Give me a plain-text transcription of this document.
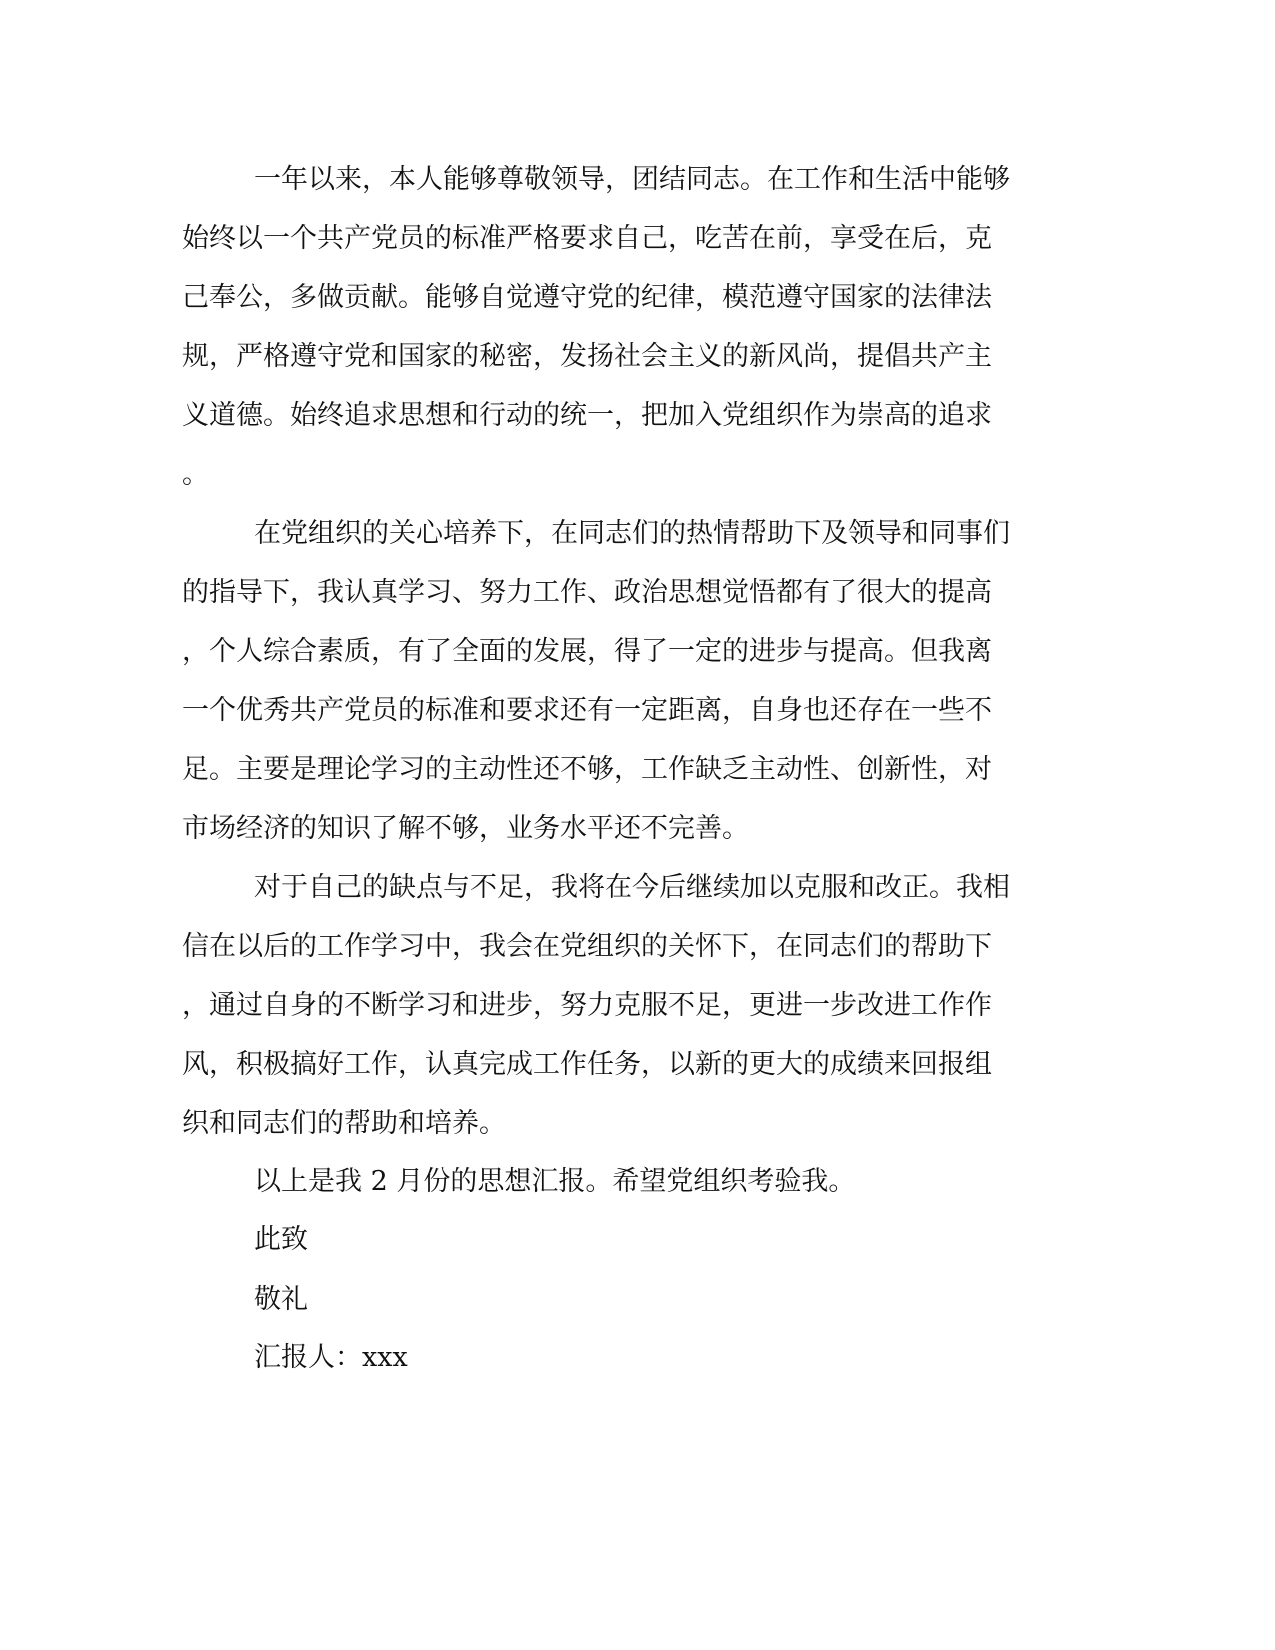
一年以来，本人能够尊敬领导，团结同志。在工作和生活中能够
始终以一个共产党员的标准严格要求自己，吃苦在前，享受在后，克
己奉公，多做贡献。能够自觉遵守党的纪律，模范遵守国家的法律法
规，严格遵守党和国家的秘密，发扬社会主义的新风尚，提倡共产主
义道德。始终追求思想和行动的统一，把加入党组织作为崇高的追求
。
在党组织的关心培养下，在同志们的热情帮助下及领导和同事们
的指导下，我认真学习、努力工作、政治思想觉悟都有了很大的提高
，个人综合素质，有了全面的发展，得了一定的进步与提高。但我离
一个优秀共产党员的标准和要求还有一定距离，自身也还存在一些不
足。主要是理论学习的主动性还不够，工作缺乏主动性、创新性，对
市场经济的知识了解不够，业务水平还不完善。
对于自己的缺点与不足，我将在今后继续加以克服和改正。我相
信在以后的工作学习中，我会在党组织的关怀下，在同志们的帮助下
，通过自身的不断学习和进步，努力克服不足，更进一步改进工作作
风，积极搞好工作，认真完成工作任务，以新的更大的成绩来回报组
织和同志们的帮助和培养。
以上是我 2 月份的思想汇报。希望党组织考验我。
此致
敬礼
汇报人：xxx
